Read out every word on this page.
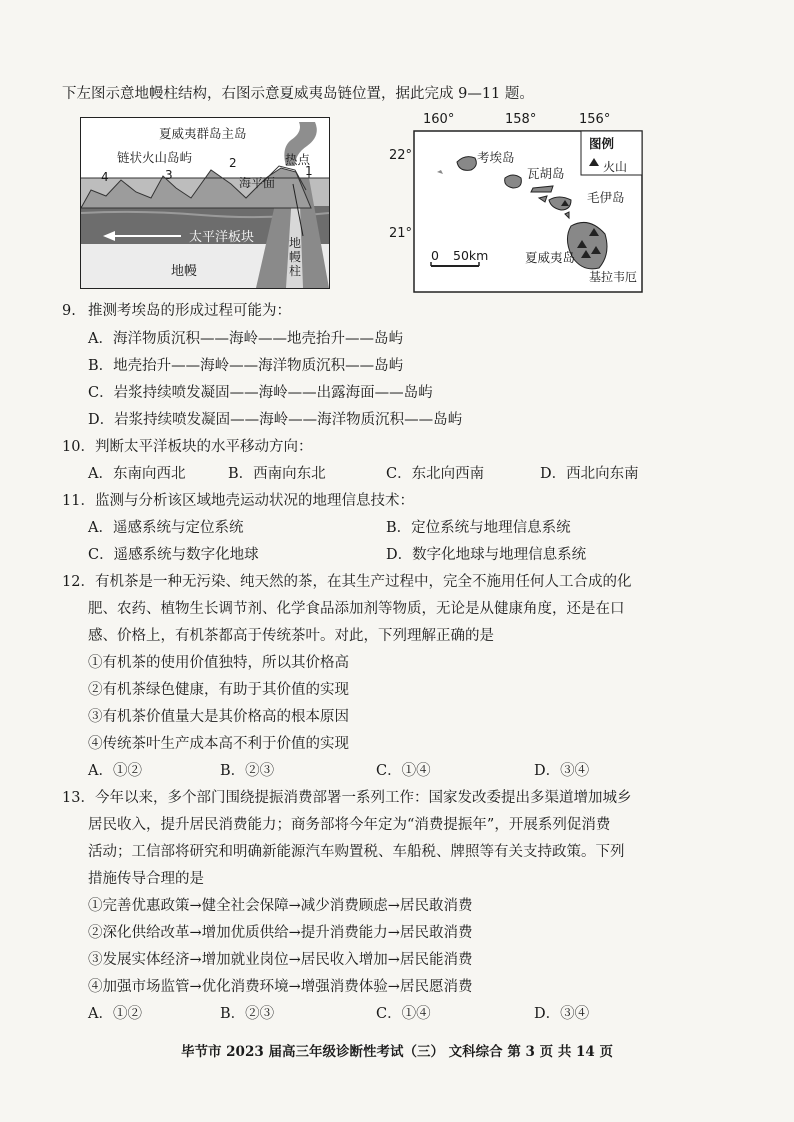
下左图示意地幔柱结构，右图示意夏威夷岛链位置，据此完成 9—11 题。
夏威夷群岛主岛
链状火山岛屿	热点
海平面
4	3
2
1
太平洋板块
地幔
地幔柱
160°	158°	156°
22°
21°
图例
火山
考埃岛
瓦胡岛
毛伊岛
夏威夷岛
基拉韦厄
0 50km
9. 推测考埃岛的形成过程可能为：
A．海洋物质沉积——海岭——地壳抬升——岛屿
B．地壳抬升——海岭——海洋物质沉积——岛屿
C．岩浆持续喷发凝固——海岭——出露海面——岛屿
D．岩浆持续喷发凝固——海岭——海洋物质沉积——岛屿
10．判断太平洋板块的水平移动方向：
A．东南向西北	B．西南向东北	C．东北向西南	D．西北向东南
11．监测与分析该区域地壳运动状况的地理信息技术：
A．遥感系统与定位系统	B．定位系统与地理信息系统
C．遥感系统与数字化地球	D．数字化地球与地理信息系统
12．有机茶是一种无污染、纯天然的茶，在其生产过程中，完全不施用任何人工合成的化
肥、农药、植物生长调节剂、化学食品添加剂等物质，无论是从健康角度，还是在口
感、价格上，有机茶都高于传统茶叶。对此，下列理解正确的是
①有机茶的使用价值独特，所以其价格高
②有机茶绿色健康，有助于其价值的实现
③有机茶价值量大是其价格高的根本原因
④传统茶叶生产成本高不利于价值的实现
A．①②	B．②③	C．①④	D．③④
13．今年以来，多个部门围绕提振消费部署一系列工作：国家发改委提出多渠道增加城乡
居民收入，提升居民消费能力；商务部将今年定为“消费提振年”，开展系列促消费
活动；工信部将研究和明确新能源汽车购置税、车船税、牌照等有关支持政策。下列
措施传导合理的是
①完善优惠政策→健全社会保障→减少消费顾虑→居民敢消费
②深化供给改革→增加优质供给→提升消费能力→居民敢消费
③发展实体经济→增加就业岗位→居民收入增加→居民能消费
④加强市场监管→优化消费环境→增强消费体验→居民愿消费
A．①②	B．②③	C．①④	D．③④
毕节市 2023 届高三年级诊断性考试（三） 文科综合 第 3 页 共 14 页
